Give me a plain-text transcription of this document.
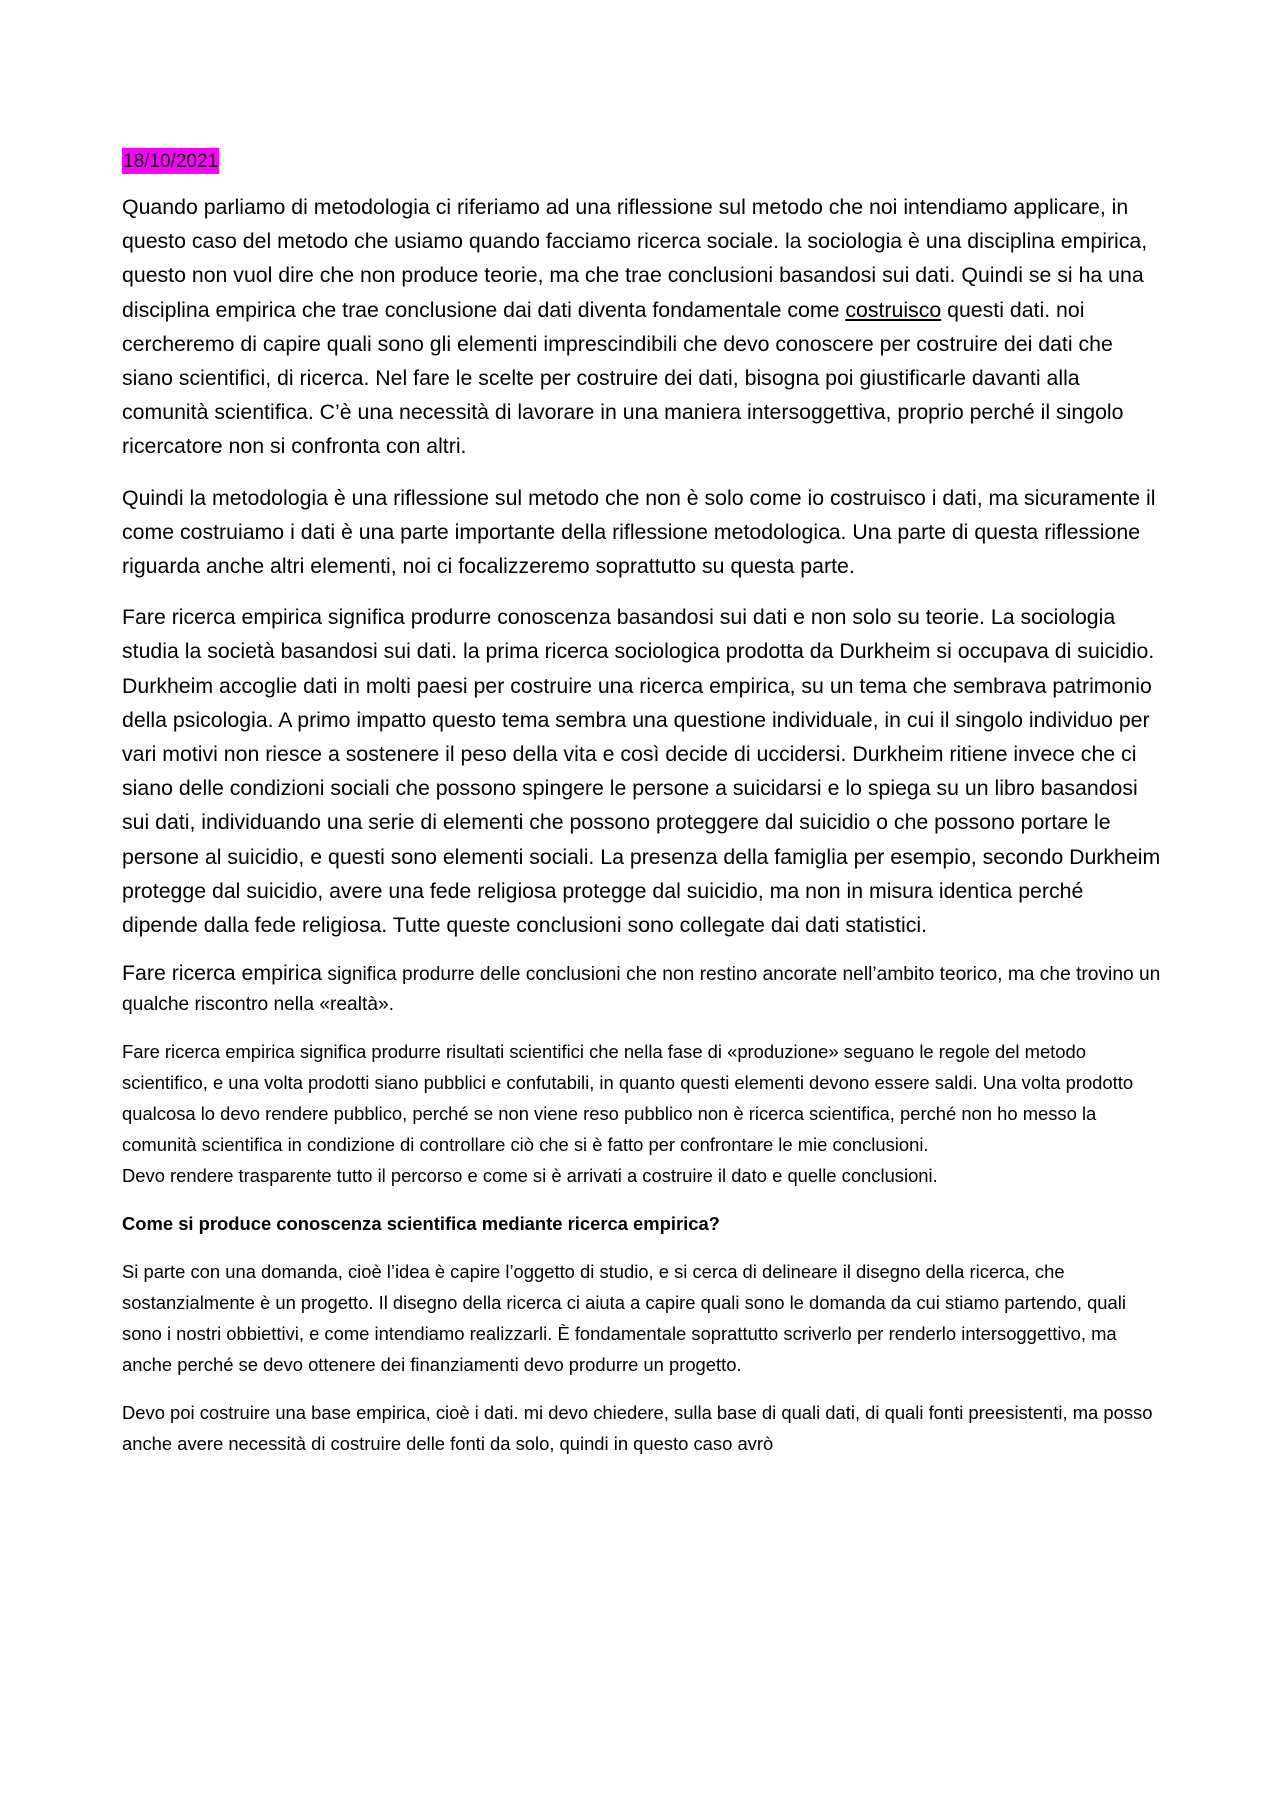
18/10/2021

Quando parliamo di metodologia ci riferiamo ad una riflessione sul metodo che noi intendiamo applicare, in questo caso del metodo che usiamo quando facciamo ricerca sociale. la sociologia è una disciplina empirica, questo non vuol dire che non produce teorie, ma che trae conclusioni basandosi sui dati. Quindi se si ha una disciplina empirica che trae conclusione dai dati diventa fondamentale come costruisco questi dati. noi cercheremo di capire quali sono gli elementi imprescindibili che devo conoscere per costruire dei dati che siano scientifici, di ricerca. Nel fare le scelte per costruire dei dati, bisogna poi giustificarle davanti alla comunità scientifica. C’è una necessità di lavorare in una maniera intersoggettiva, proprio perché il singolo ricercatore non si confronta con altri.

Quindi la metodologia è una riflessione sul metodo che non è solo come io costruisco i dati, ma sicuramente il come costruiamo i dati è una parte importante della riflessione metodologica. Una parte di questa riflessione riguarda anche altri elementi, noi ci focalizzeremo soprattutto su questa parte.

Fare ricerca empirica significa produrre conoscenza basandosi sui dati e non solo su teorie. La sociologia studia la società basandosi sui dati. la prima ricerca sociologica prodotta da Durkheim si occupava di suicidio. Durkheim accoglie dati in molti paesi per costruire una ricerca empirica, su un tema che sembrava patrimonio della psicologia. A primo impatto questo tema sembra una questione individuale, in cui il singolo individuo per vari motivi non riesce a sostenere il peso della vita e così decide di uccidersi. Durkheim ritiene invece che ci siano delle condizioni sociali che possono spingere le persone a suicidarsi e lo spiega su un libro basandosi sui dati, individuando una serie di elementi che possono proteggere dal suicidio o che possono portare le persone al suicidio, e questi sono elementi sociali. La presenza della famiglia per esempio, secondo Durkheim protegge dal suicidio, avere una fede religiosa protegge dal suicidio, ma non in misura identica perché dipende dalla fede religiosa. Tutte queste conclusioni sono collegate dai dati statistici.

Fare ricerca empirica significa produrre delle conclusioni che non restino ancorate nell’ambito teorico, ma che trovino un qualche riscontro nella «realtà».

Fare ricerca empirica significa produrre risultati scientifici che nella fase di «produzione» seguano le regole del metodo scientifico, e una volta prodotti siano pubblici e confutabili, in quanto questi elementi devono essere saldi. Una volta prodotto qualcosa lo devo rendere pubblico, perché se non viene reso pubblico non è ricerca scientifica, perché non ho messo la comunità scientifica in condizione di controllare ciò che si è fatto per confrontare le mie conclusioni.

Devo rendere trasparente tutto il percorso e come si è arrivati a costruire il dato e quelle conclusioni.

Come si produce conoscenza scientifica mediante ricerca empirica?

Si parte con una domanda, cioè l’idea è capire l’oggetto di studio, e si cerca di delineare il disegno della ricerca, che sostanzialmente è un progetto. Il disegno della ricerca ci aiuta a capire quali sono le domanda da cui stiamo partendo, quali sono i nostri obbiettivi, e come intendiamo realizzarli. È fondamentale soprattutto scriverlo per renderlo intersoggettivo, ma anche perché se devo ottenere dei finanziamenti devo produrre un progetto.

Devo poi costruire una base empirica, cioè i dati. mi devo chiedere, sulla base di quali dati, di quali fonti preesistenti, ma posso anche avere necessità di costruire delle fonti da solo, quindi in questo caso avrò
